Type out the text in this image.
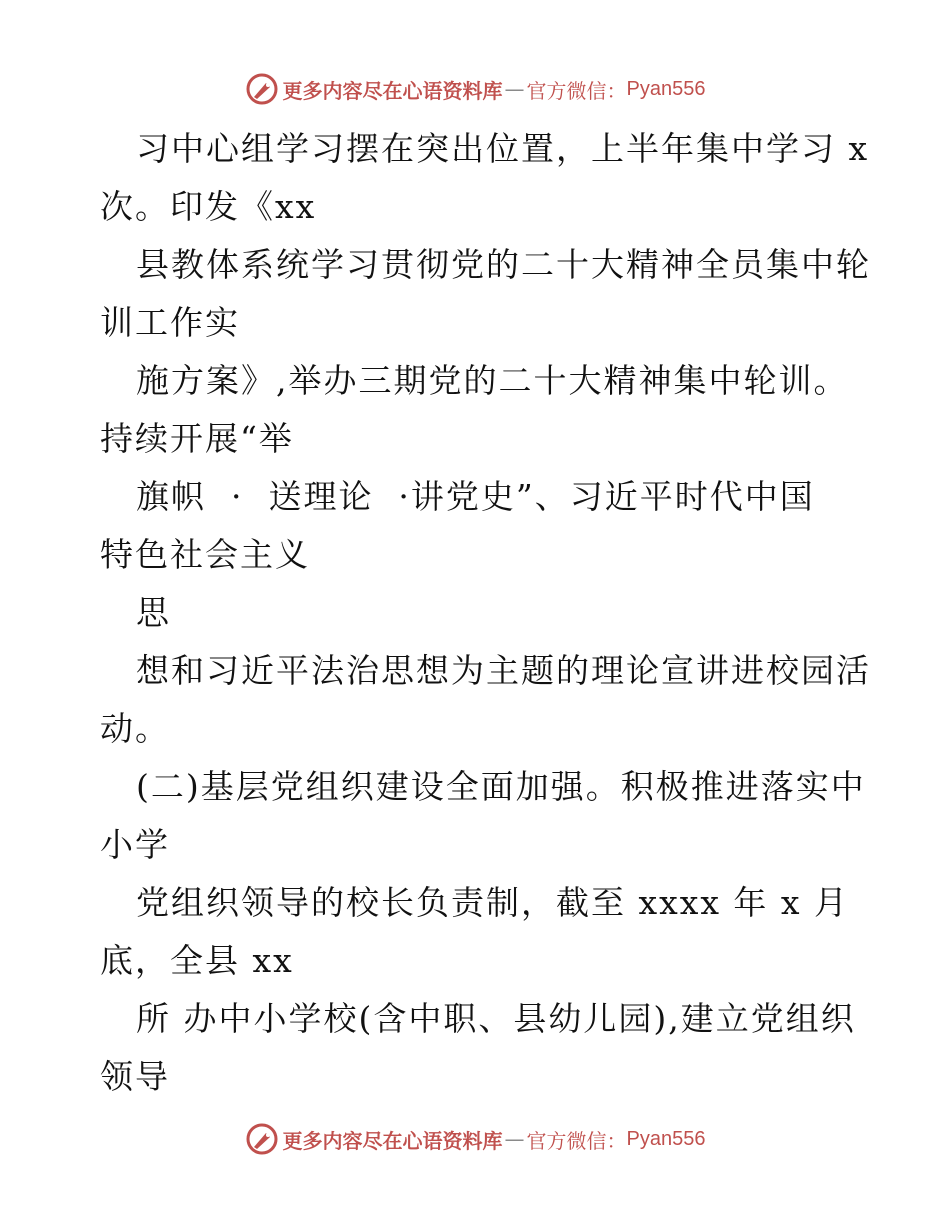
更多内容尽在心语资料库 — 官方微信： Pyan556
习中心组学习摆在突出位置，上半年集中学习 x
次。印发《xx
县教体系统学习贯彻党的二十大精神全员集中轮
训工作实
施方案》,举办三期党的二十大精神集中轮训。
持续开展“举
旗帜  ·  送理论  ·讲党史”、习近平时代中国
特色社会主义
思
想和习近平法治思想为主题的理论宣讲进校园活
动。
(二)基层党组织建设全面加强。积极推进落实中
小学
党组织领导的校长负责制，截至 xxxx 年 x 月
底，全县 xx
所 办中小学校(含中职、县幼儿园),建立党组织
领导
更多内容尽在心语资料库 — 官方微信： Pyan556
